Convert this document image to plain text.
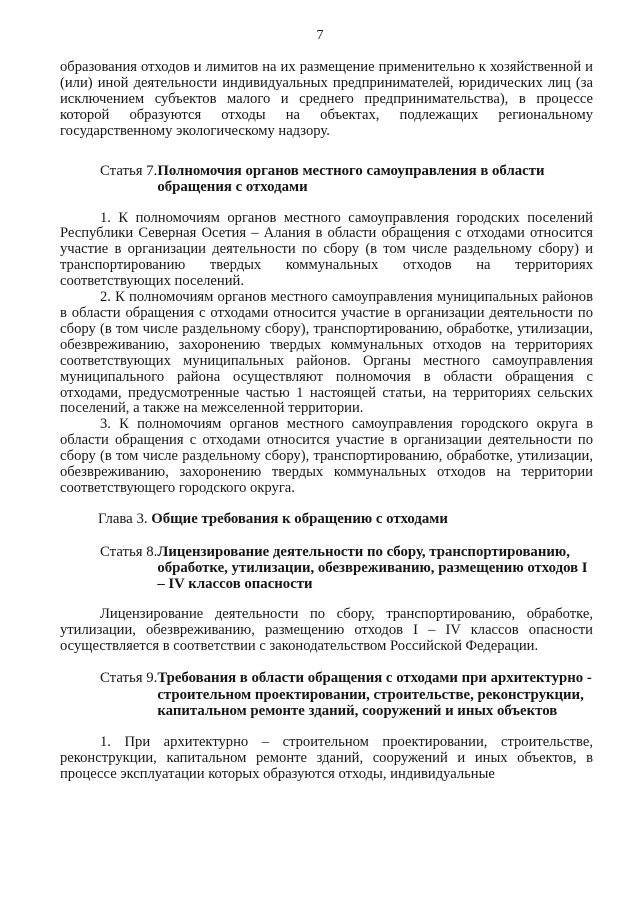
7

образования отходов и лимитов на их размещение применительно к хозяйственной и (или) иной деятельности индивидуальных предпринимателей, юридических лиц (за исключением субъектов малого и среднего предпринимательства), в процессе которой образуются отходы на объектах, подлежащих региональному государственному экологическому надзору.

Статья 7. Полномочия органов местного самоуправления в области обращения с отходами

1. К полномочиям органов местного самоуправления городских поселений Республики Северная Осетия – Алания в области обращения с отходами относится участие в организации деятельности по сбору (в том числе раздельному сбору) и транспортированию твердых коммунальных отходов на территориях соответствующих поселений.

2. К полномочиям органов местного самоуправления муниципальных районов в области обращения с отходами относится участие в организации деятельности по сбору (в том числе раздельному сбору), транспортированию, обработке, утилизации, обезвреживанию, захоронению твердых коммунальных отходов на территориях соответствующих муниципальных районов. Органы местного самоуправления муниципального района осуществляют полномочия в области обращения с отходами, предусмотренные частью 1 настоящей статьи, на территориях сельских поселений, а также на межселенной территории.

3. К полномочиям органов местного самоуправления городского округа в области обращения с отходами относится участие в организации деятельности по сбору (в том числе раздельному сбору), транспортированию, обработке, утилизации, обезвреживанию, захоронению твердых коммунальных отходов на территории соответствующего городского округа.

Глава 3. Общие требования к обращению с отходами
Статья 8. Лицензирование деятельности по сбору, транспортированию, обработке, утилизации, обезвреживанию, размещению отходов I – IV классов опасности

Лицензирование деятельности по сбору, транспортированию, обработке, утилизации, обезвреживанию, размещению отходов I – IV классов опасности осуществляется в соответствии с законодательством Российской Федерации.

Статья 9. Требования в области обращения с отходами при архитектурно - строительном проектировании, строительстве, реконструкции, капитальном ремонте зданий, сооружений и иных объектов

1. При архитектурно – строительном проектировании, строительстве, реконструкции, капитальном ремонте зданий, сооружений и иных объектов, в процессе эксплуатации которых образуются отходы, индивидуальные
